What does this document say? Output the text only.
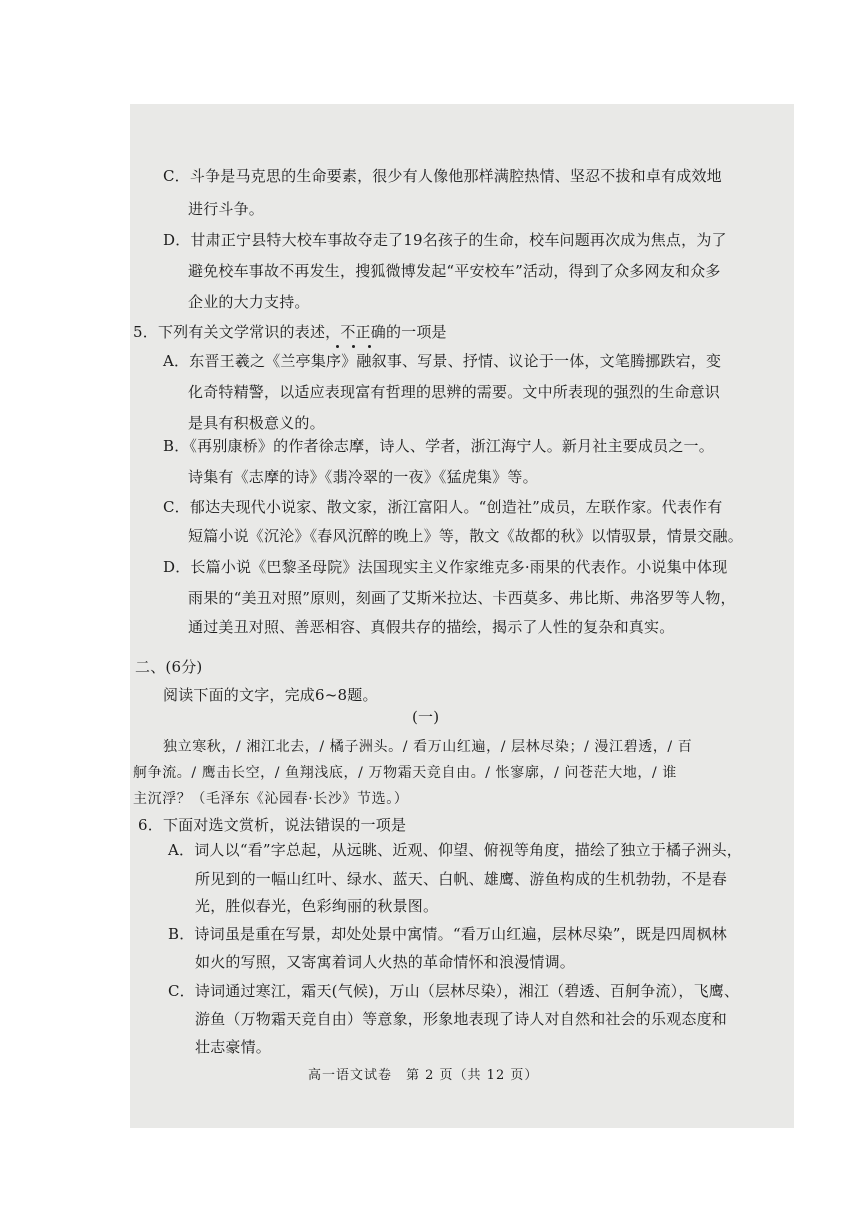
C．斗争是马克思的生命要素，很少有人像他那样满腔热情、坚忍不拔和卓有成效地
进行斗争。
D．甘肃正宁县特大校车事故夺走了19名孩子的生命，校车问题再次成为焦点，为了
避免校车事故不再发生，搜狐微博发起“平安校车”活动，得到了众多网友和众多
企业的大力支持。
5．下列有关文学常识的表述，不正确的一项是
A．东晋王羲之《兰亭集序》融叙事、写景、抒情、议论于一体，文笔腾挪跌宕，变
化奇特精警，以适应表现富有哲理的思辨的需要。文中所表现的强烈的生命意识
是具有积极意义的。
B．《再别康桥》的作者徐志摩，诗人、学者，浙江海宁人。新月社主要成员之一。
诗集有《志摩的诗》《翡冷翠的一夜》《猛虎集》等。
C．郁达夫现代小说家、散文家，浙江富阳人。“创造社”成员，左联作家。代表作有
短篇小说《沉沦》《春风沉醉的晚上》等，散文《故都的秋》以情驭景，情景交融。
D．长篇小说《巴黎圣母院》法国现实主义作家维克多·雨果的代表作。小说集中体现
雨果的“美丑对照”原则，刻画了艾斯米拉达、卡西莫多、弗比斯、弗洛罗等人物，
通过美丑对照、善恶相容、真假共存的描绘，揭示了人性的复杂和真实。
二、(6分)
阅读下面的文字，完成6~8题。
(一)
独立寒秋，/ 湘江北去，/ 橘子洲头。/ 看万山红遍，/ 层林尽染；/ 漫江碧透，/ 百
舸争流。/ 鹰击长空，/ 鱼翔浅底，/ 万物霜天竞自由。/ 怅寥廓，/ 问苍茫大地，/ 谁
主沉浮？（毛泽东《沁园春·长沙》节选。）
6．下面对选文赏析，说法错误的一项是
A．词人以“看”字总起，从远眺、近观、仰望、俯视等角度，描绘了独立于橘子洲头，
所见到的一幅山红叶、绿水、蓝天、白帆、雄鹰、游鱼构成的生机勃勃，不是春
光，胜似春光，色彩绚丽的秋景图。
B．诗词虽是重在写景，却处处景中寓情。“看万山红遍，层林尽染”，既是四周枫林
如火的写照，又寄寓着词人火热的革命情怀和浪漫情调。
C．诗词通过寒江，霜天(气候)，万山（层林尽染），湘江（碧透、百舸争流），飞鹰、
游鱼（万物霜天竞自由）等意象，形象地表现了诗人对自然和社会的乐观态度和
壮志豪情。
高一语文试卷　第 2 页（共 12 页）
